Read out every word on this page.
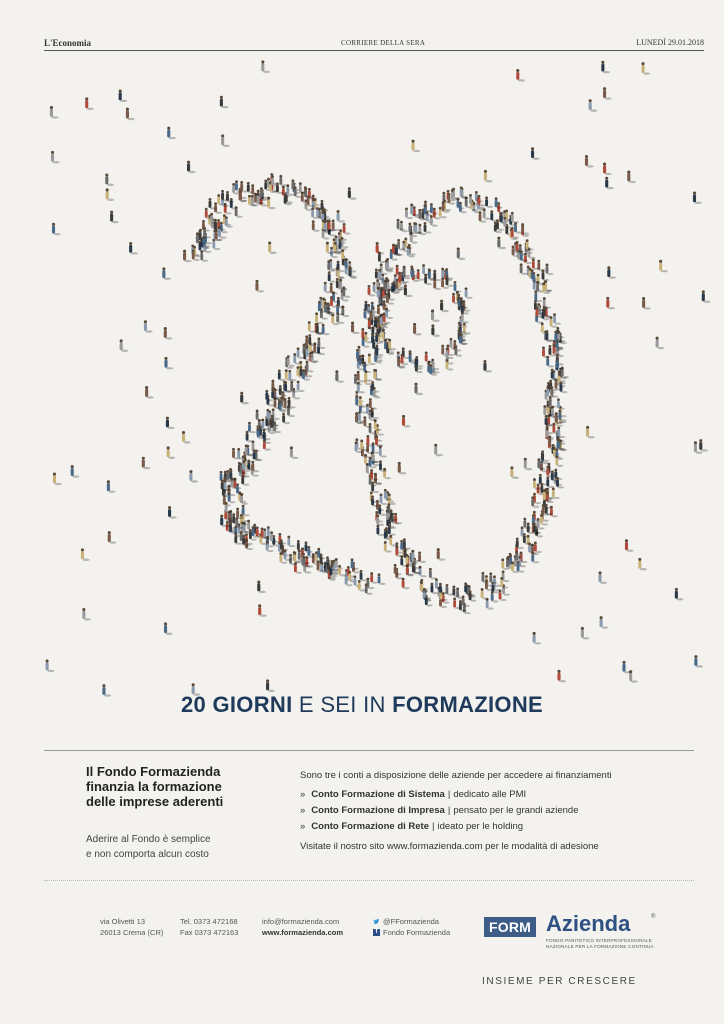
L'Economia	CORRIERE DELLA SERA	LUNEDÌ 29.01.2018
20 GIORNI E SEI IN FORMAZIONE
Il Fondo Formazienda
finanzia la formazione
delle imprese aderenti
Aderire al Fondo è semplice
e non comporta alcun costo
Sono tre i conti a disposizione delle aziende per accedere ai finanziamenti
» Conto Formazione di Sistema | dedicato alle PMI
» Conto Formazione di Impresa | pensato per le grandi aziende
» Conto Formazione di Rete | ideato per le holding
Visitate il nostro sito www.formazienda.com per le modalità di adesione
via Olivetti 13
26013 Crema (CR)
Tel. 0373 472168
Fax 0373 472163
info@formazienda.com
www.formazienda.com
@FFormazienda
f Fondo Formazienda	FORM Azienda	®
FONDO PARITETICO INTERPROFESSIONALE
NAZIONALE PER LA FORMAZIONE CONTINUA
INSIEME PER CRESCERE
